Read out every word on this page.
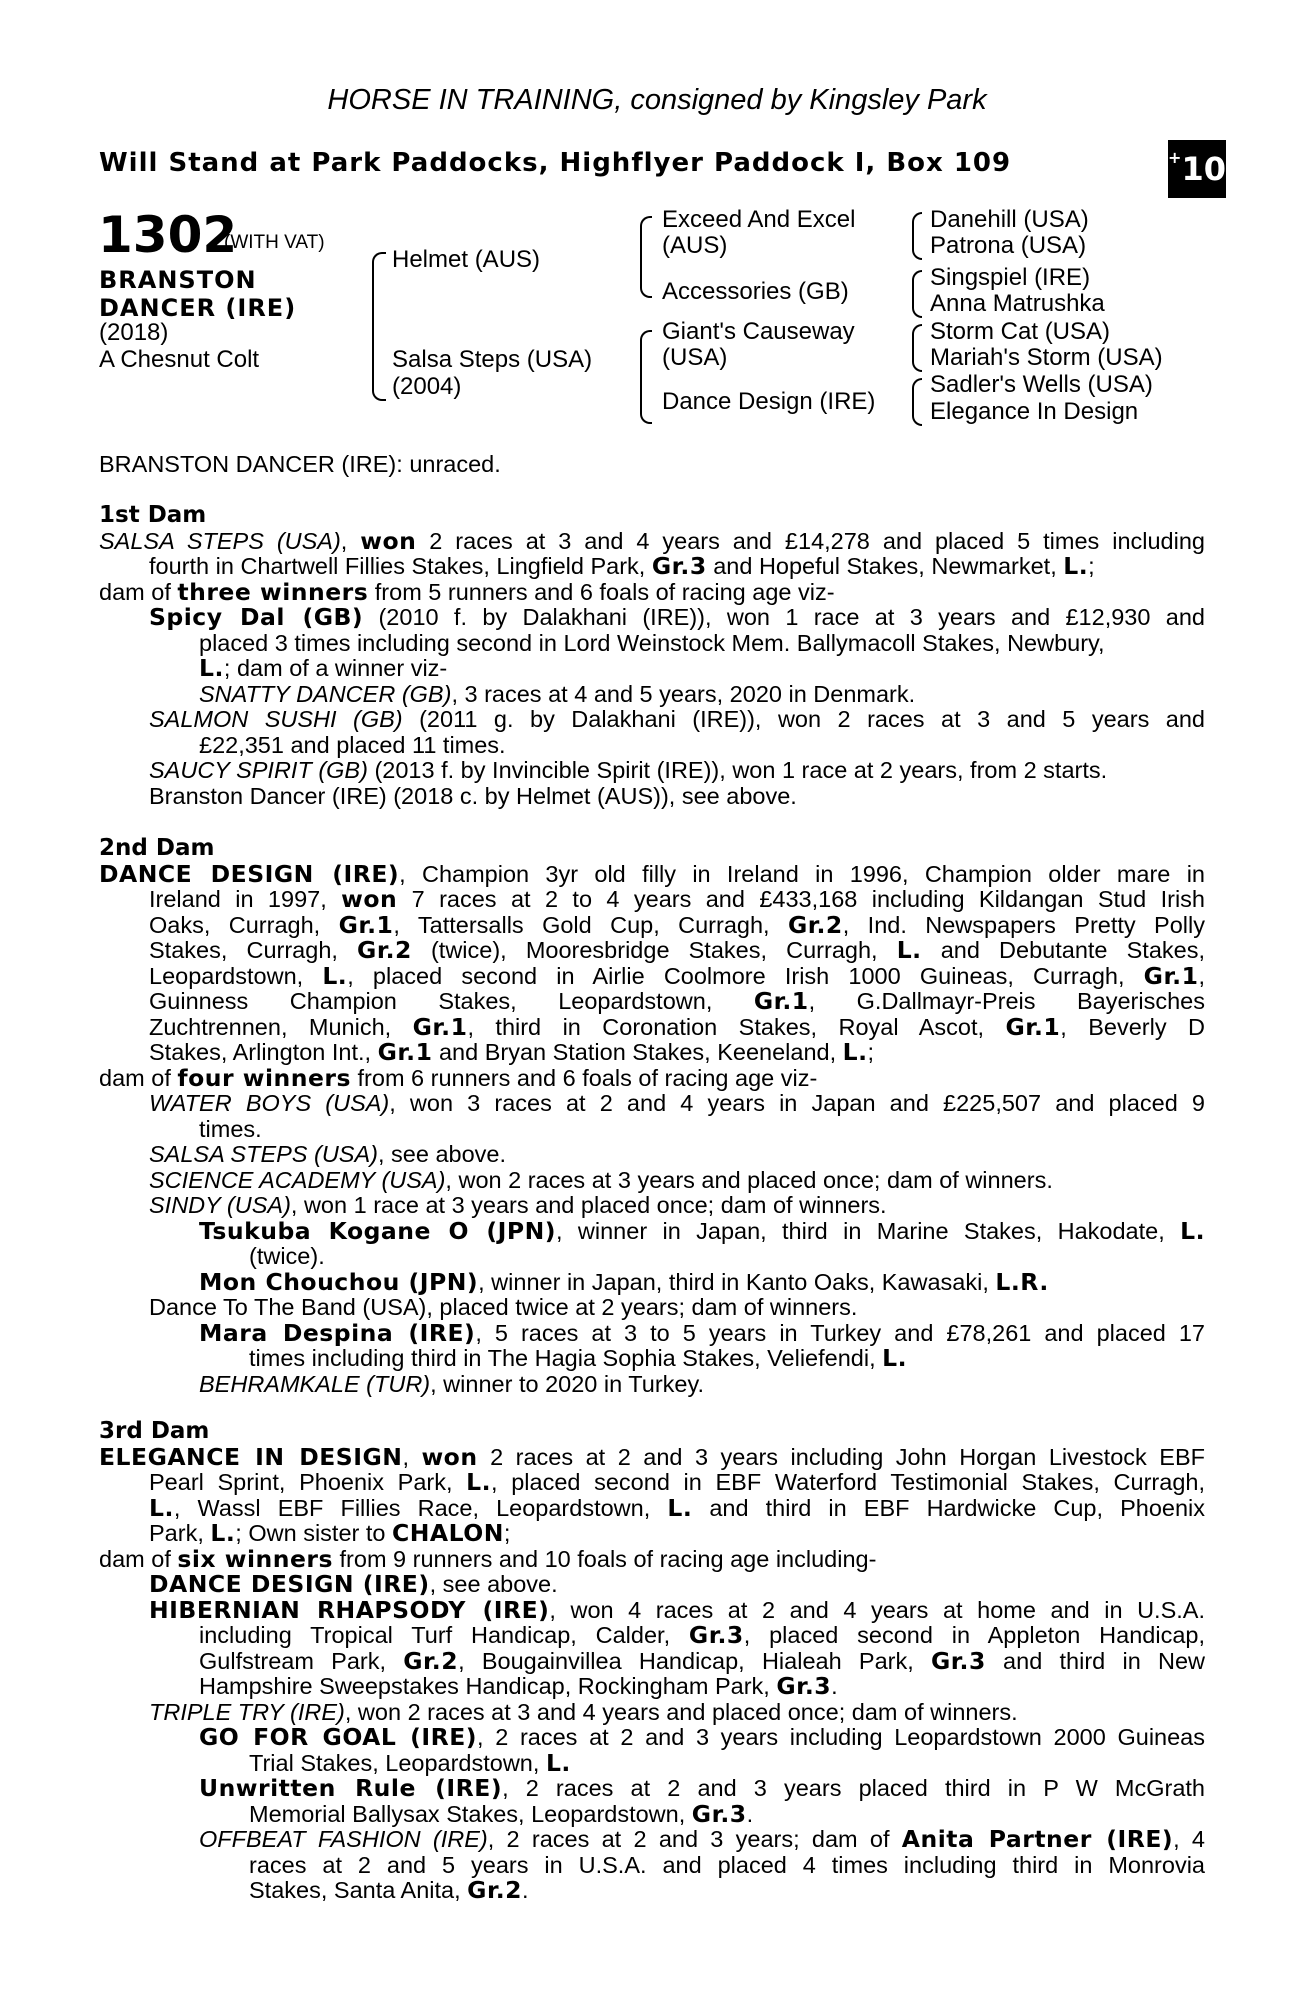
HORSE IN TRAINING, consigned by Kingsley Park
Will Stand at Park Paddocks, Highflyer Paddock I, Box 109	+ 10
1302
(WITH VAT)
BRANSTON
DANCER (IRE)
(2018)
A Chesnut Colt
Helmet (AUS)
Salsa Steps (USA)
(2004)
Exceed And Excel
(AUS)
Accessories (GB)
Giant's Causeway
(USA)
Dance Design (IRE)
Danehill (USA)
Patrona (USA)
Singspiel (IRE)
Anna Matrushka
Storm Cat (USA)
Mariah's Storm (USA)
Sadler's Wells (USA)
Elegance In Design
BRANSTON DANCER (IRE): unraced.
1st Dam
SALSA STEPS (USA), won 2 races at 3 and 4 years and £14,278 and placed 5 times including
fourth in Chartwell Fillies Stakes, Lingfield Park, Gr.3 and Hopeful Stakes, Newmarket, L.;
dam of three winners from 5 runners and 6 foals of racing age viz-
Spicy Dal (GB) (2010 f. by Dalakhani (IRE)), won 1 race at 3 years and £12,930 and
placed 3 times including second in Lord Weinstock Mem. Ballymacoll Stakes, Newbury,
L.; dam of a winner viz-
SNATTY DANCER (GB), 3 races at 4 and 5 years, 2020 in Denmark.
SALMON SUSHI (GB) (2011 g. by Dalakhani (IRE)), won 2 races at 3 and 5 years and
£22,351 and placed 11 times.
SAUCY SPIRIT (GB) (2013 f. by Invincible Spirit (IRE)), won 1 race at 2 years, from 2 starts.
Branston Dancer (IRE) (2018 c. by Helmet (AUS)), see above.
2nd Dam
DANCE DESIGN (IRE), Champion 3yr old filly in Ireland in 1996, Champion older mare in
Ireland in 1997, won 7 races at 2 to 4 years and £433,168 including Kildangan Stud Irish
Oaks, Curragh, Gr.1, Tattersalls Gold Cup, Curragh, Gr.2, Ind. Newspapers Pretty Polly
Stakes, Curragh, Gr.2 (twice), Mooresbridge Stakes, Curragh, L. and Debutante Stakes,
Leopardstown, L., placed second in Airlie Coolmore Irish 1000 Guineas, Curragh, Gr.1,
Guinness Champion Stakes, Leopardstown, Gr.1, G.Dallmayr-Preis Bayerisches
Zuchtrennen, Munich, Gr.1, third in Coronation Stakes, Royal Ascot, Gr.1, Beverly D
Stakes, Arlington Int., Gr.1 and Bryan Station Stakes, Keeneland, L.;
dam of four winners from 6 runners and 6 foals of racing age viz-
WATER BOYS (USA), won 3 races at 2 and 4 years in Japan and £225,507 and placed 9
times.
SALSA STEPS (USA), see above.
SCIENCE ACADEMY (USA), won 2 races at 3 years and placed once; dam of winners.
SINDY (USA), won 1 race at 3 years and placed once; dam of winners.
Tsukuba Kogane O (JPN), winner in Japan, third in Marine Stakes, Hakodate, L.
(twice).
Mon Chouchou (JPN), winner in Japan, third in Kanto Oaks, Kawasaki, L.R.
Dance To The Band (USA), placed twice at 2 years; dam of winners.
Mara Despina (IRE), 5 races at 3 to 5 years in Turkey and £78,261 and placed 17
times including third in The Hagia Sophia Stakes, Veliefendi, L.
BEHRAMKALE (TUR), winner to 2020 in Turkey.
3rd Dam
ELEGANCE IN DESIGN, won 2 races at 2 and 3 years including John Horgan Livestock EBF
Pearl Sprint, Phoenix Park, L., placed second in EBF Waterford Testimonial Stakes, Curragh,
L., Wassl EBF Fillies Race, Leopardstown, L. and third in EBF Hardwicke Cup, Phoenix
Park, L.; Own sister to CHALON;
dam of six winners from 9 runners and 10 foals of racing age including-
DANCE DESIGN (IRE), see above.
HIBERNIAN RHAPSODY (IRE), won 4 races at 2 and 4 years at home and in U.S.A.
including Tropical Turf Handicap, Calder, Gr.3, placed second in Appleton Handicap,
Gulfstream Park, Gr.2, Bougainvillea Handicap, Hialeah Park, Gr.3 and third in New
Hampshire Sweepstakes Handicap, Rockingham Park, Gr.3.
TRIPLE TRY (IRE), won 2 races at 3 and 4 years and placed once; dam of winners.
GO FOR GOAL (IRE), 2 races at 2 and 3 years including Leopardstown 2000 Guineas
Trial Stakes, Leopardstown, L.
Unwritten Rule (IRE), 2 races at 2 and 3 years placed third in P W McGrath
Memorial Ballysax Stakes, Leopardstown, Gr.3.
OFFBEAT FASHION (IRE), 2 races at 2 and 3 years; dam of Anita Partner (IRE), 4
races at 2 and 5 years in U.S.A. and placed 4 times including third in Monrovia
Stakes, Santa Anita, Gr.2.
